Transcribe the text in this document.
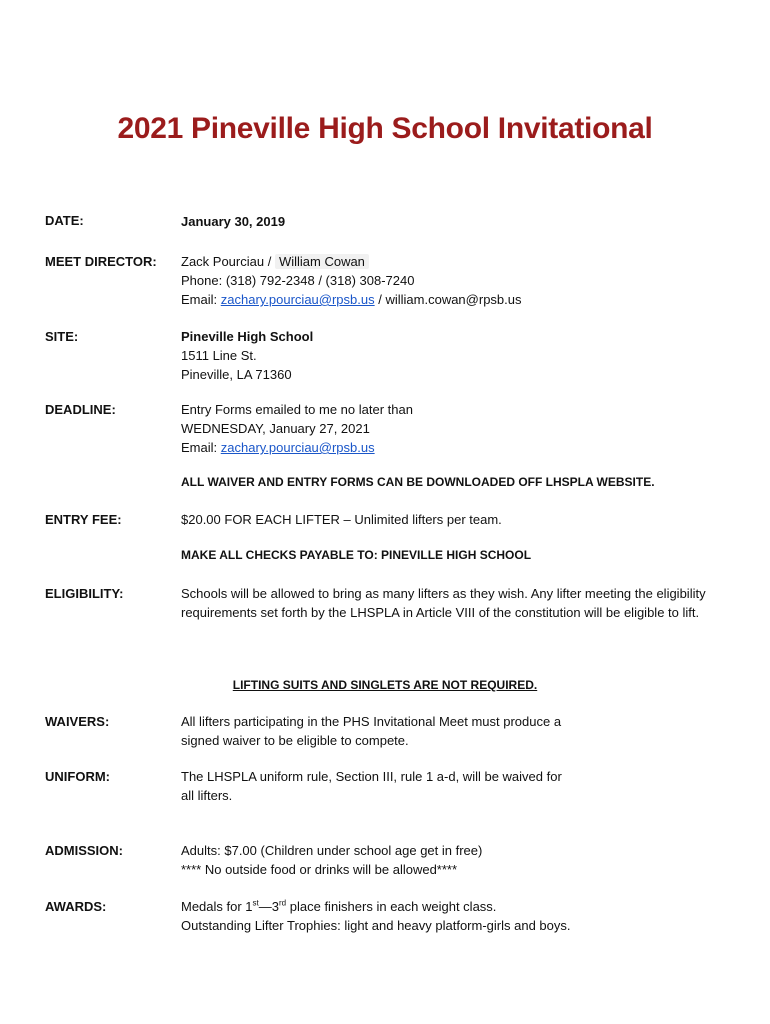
2021 Pineville High School Invitational
DATE:	January 30, 2019
MEET DIRECTOR: Zack Pourciau / William Cowan
Phone: (318) 792-2348 / (318) 308-7240
Email: zachary.pourciau@rpsb.us / william.cowan@rpsb.us
SITE:	Pineville High School
1511 Line St.
Pineville, LA 71360
DEADLINE:	Entry Forms emailed to me no later than
WEDNESDAY, January 27, 2021
Email: zachary.pourciau@rpsb.us
ALL WAIVER AND ENTRY FORMS CAN BE DOWNLOADED OFF LHSPLA WEBSITE.
ENTRY FEE:	$20.00 FOR EACH LIFTER – Unlimited lifters per team.
MAKE ALL CHECKS PAYABLE TO: PINEVILLE HIGH SCHOOL
ELIGIBILITY:	Schools will be allowed to bring as many lifters as they wish. Any lifter meeting the eligibility requirements set forth by the LHSPLA in Article VIII of the constitution will be eligible to lift.
LIFTING SUITS AND SINGLETS ARE NOT REQUIRED.
WAIVERS:	All lifters participating in the PHS Invitational Meet must produce a
signed waiver to be eligible to compete.
UNIFORM:	The LHSPLA uniform rule, Section III, rule 1 a-d, will be waived for
all lifters.
ADMISSION:	Adults: $7.00 (Children under school age get in free)
**** No outside food or drinks will be allowed****
AWARDS:	Medals for 1st—3rd place finishers in each weight class.
Outstanding Lifter Trophies: light and heavy platform-girls and boys.
